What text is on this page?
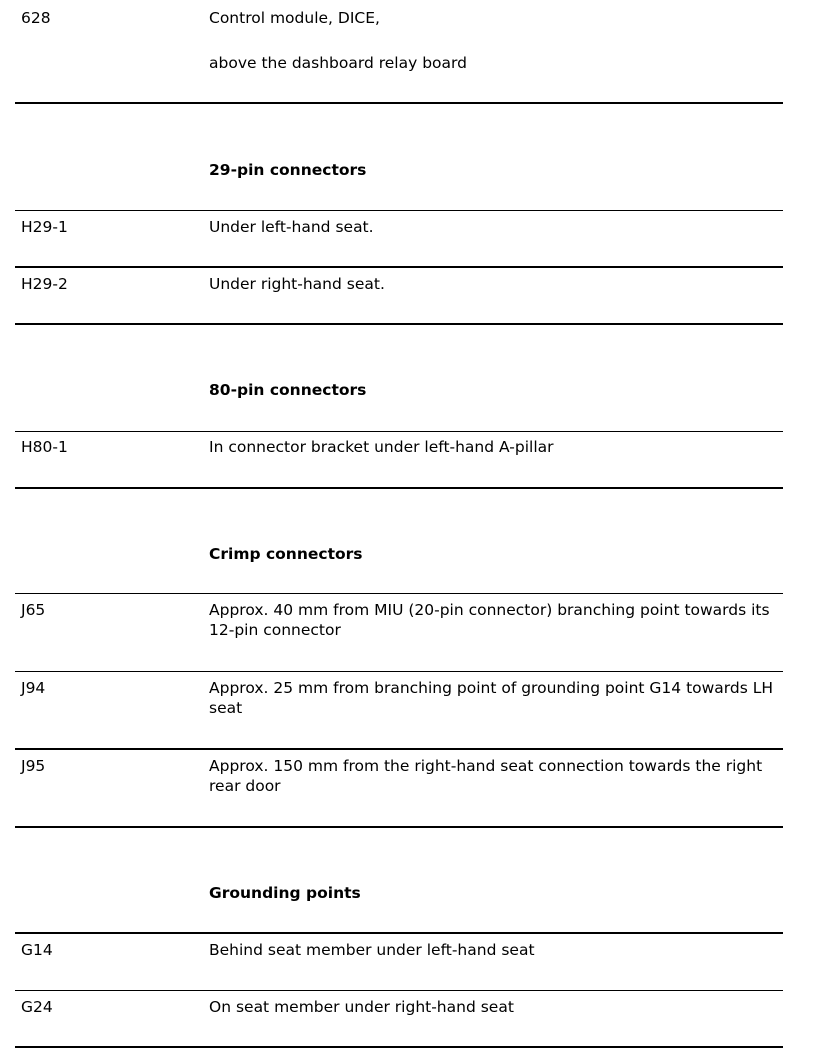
628	Control module, DICE,
above the dashboard relay board
29-pin connectors
H29-1	Under left-hand seat.
H29-2	Under right-hand seat.
80-pin connectors
H80-1	In connector bracket under left-hand A-pillar
Crimp connectors
J65	Approx. 40 mm from MIU (20-pin connector) branching point towards its 12-pin connector
J94	Approx. 25 mm from branching point of grounding point G14 towards LH seat
J95	Approx. 150 mm from the right-hand seat connection towards the right rear door
Grounding points
G14	Behind seat member under left-hand seat
G24	On seat member under right-hand seat
